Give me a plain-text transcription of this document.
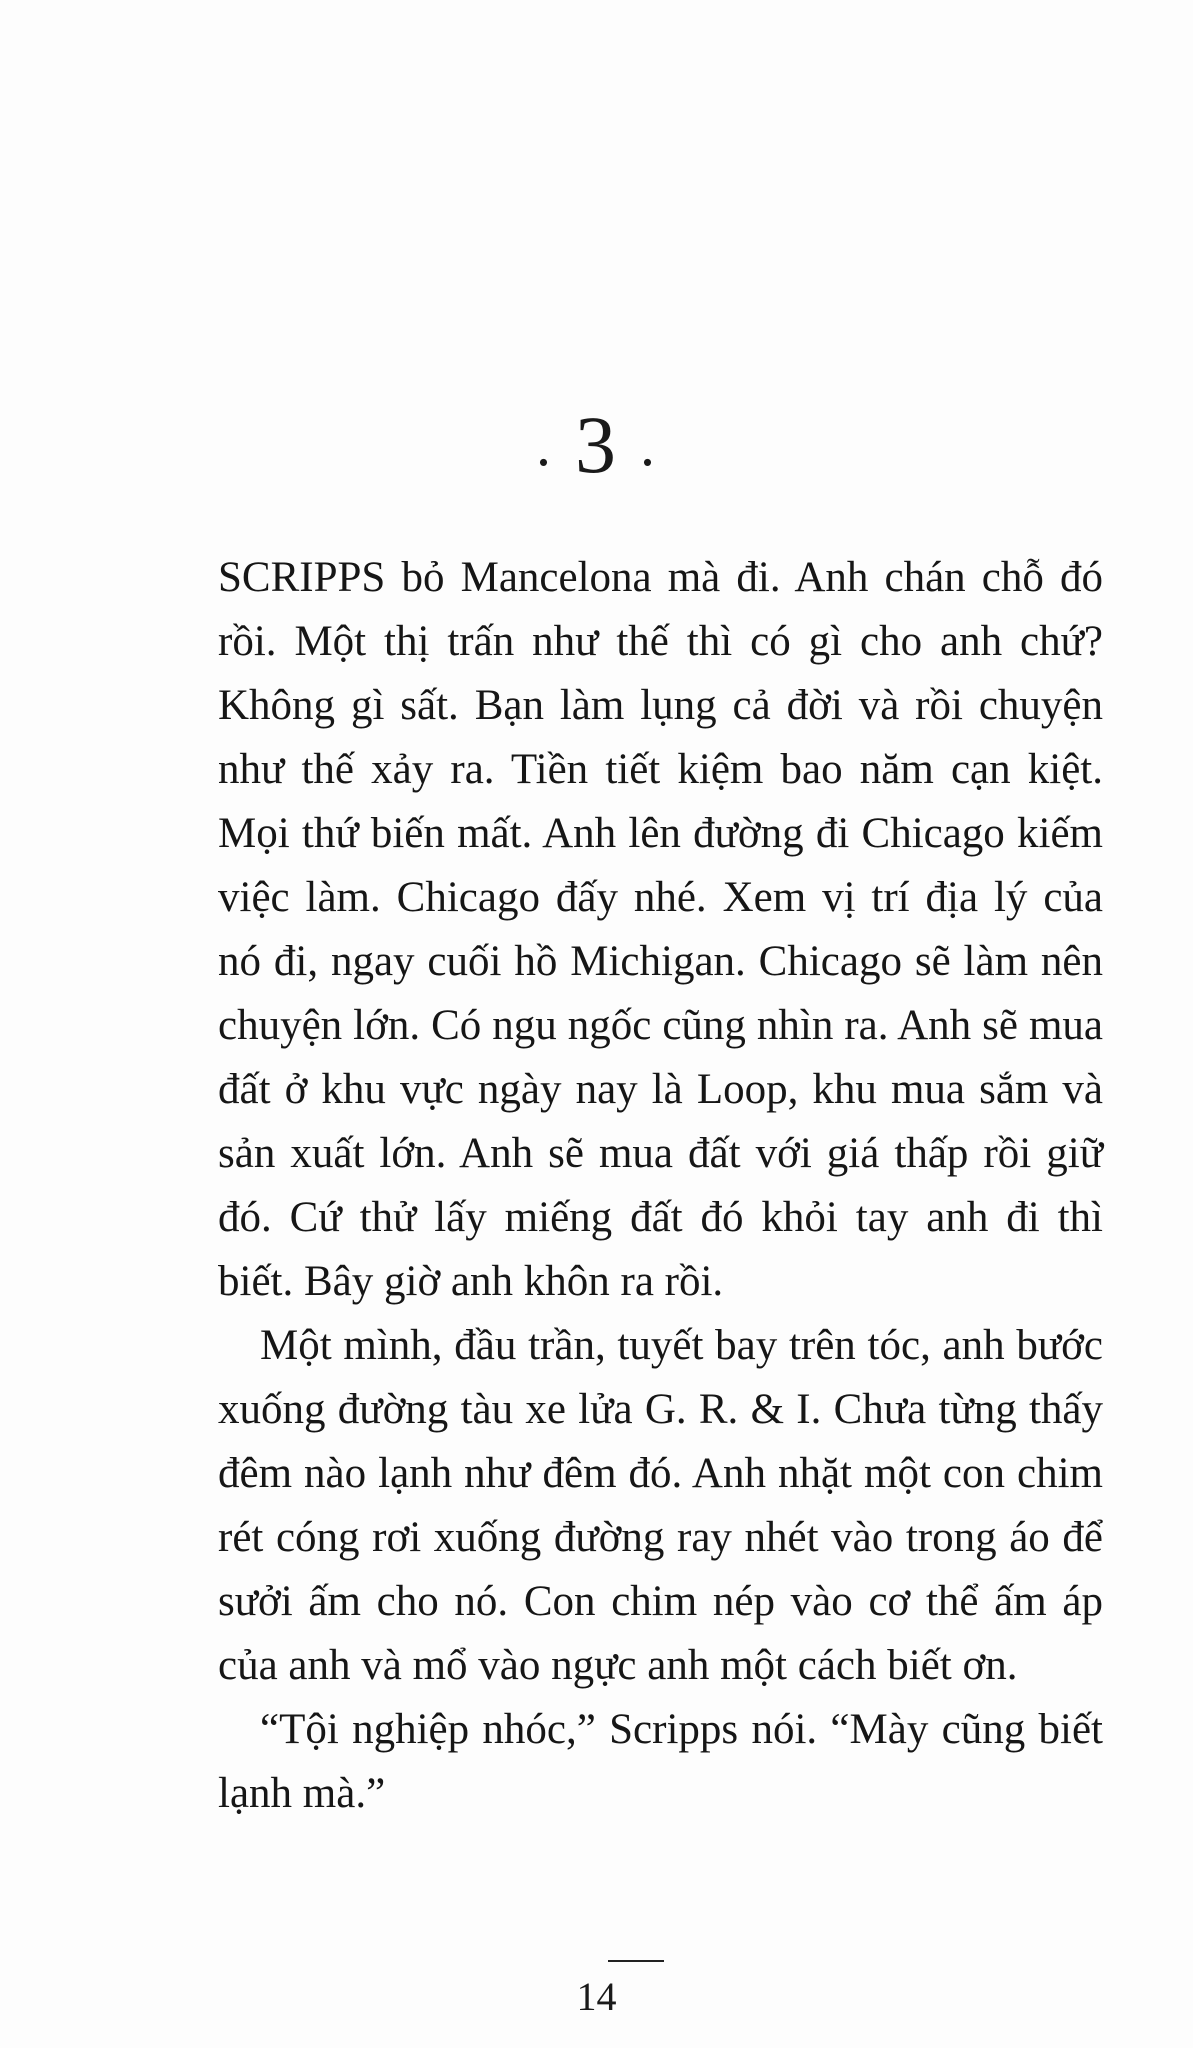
. 3 .

SCRIPPS bỏ Mancelona mà đi. Anh chán chỗ đó rồi. Một thị trấn như thế thì có gì cho anh chứ? Không gì sất. Bạn làm lụng cả đời và rồi chuyện như thế xảy ra. Tiền tiết kiệm bao năm cạn kiệt. Mọi thứ biến mất. Anh lên đường đi Chicago kiếm việc làm. Chicago đấy nhé. Xem vị trí địa lý của nó đi, ngay cuối hồ Michigan. Chicago sẽ làm nên chuyện lớn. Có ngu ngốc cũng nhìn ra. Anh sẽ mua đất ở khu vực ngày nay là Loop, khu mua sắm và sản xuất lớn. Anh sẽ mua đất với giá thấp rồi giữ đó. Cứ thử lấy miếng đất đó khỏi tay anh đi thì biết. Bây giờ anh khôn ra rồi.

Một mình, đầu trần, tuyết bay trên tóc, anh bước xuống đường tàu xe lửa G. R. & I. Chưa từng thấy đêm nào lạnh như đêm đó. Anh nhặt một con chim rét cóng rơi xuống đường ray nhét vào trong áo để sưởi ấm cho nó. Con chim nép vào cơ thể ấm áp của anh và mổ vào ngực anh một cách biết ơn.

“Tội nghiệp nhóc,” Scripps nói. “Mày cũng biết lạnh mà.”

14
